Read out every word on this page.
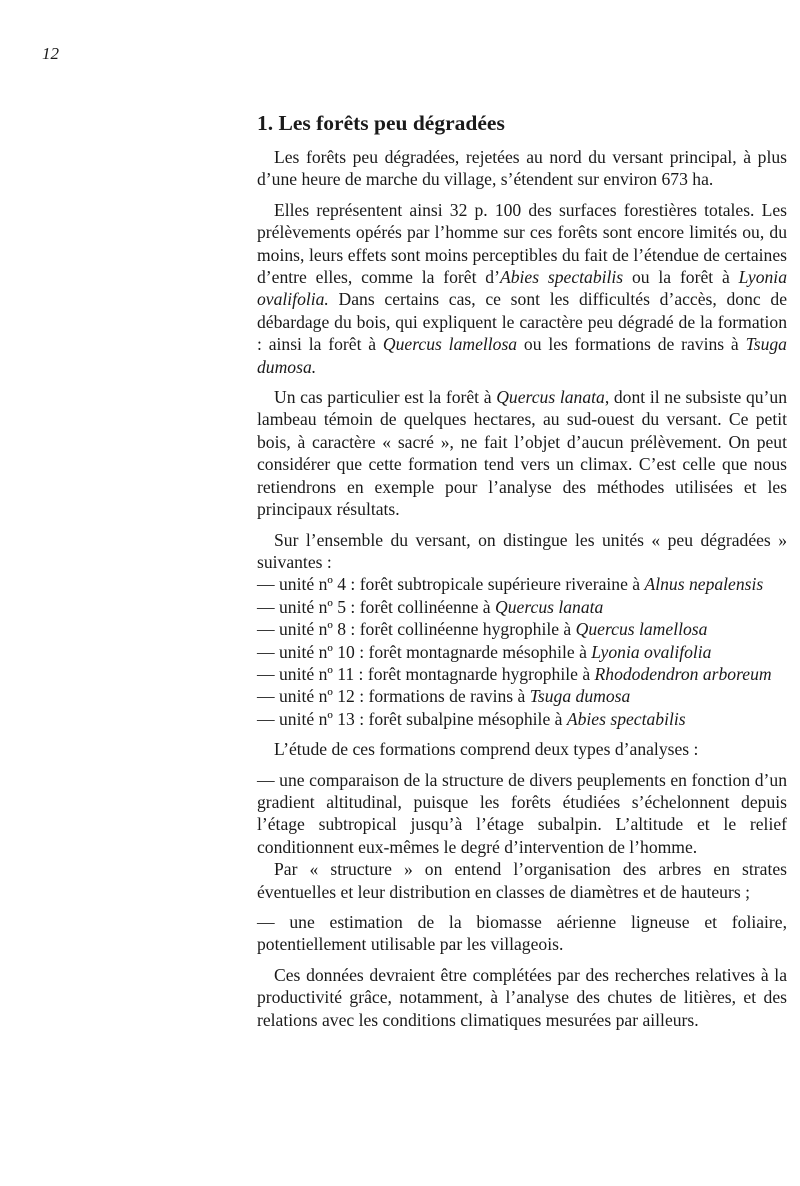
12
1. Les forêts peu dégradées
Les forêts peu dégradées, rejetées au nord du versant principal, à plus d’une heure de marche du village, s’étendent sur environ 673 ha.
Elles représentent ainsi 32 p. 100 des surfaces forestières totales. Les prélèvements opérés par l’homme sur ces forêts sont encore limités ou, du moins, leurs effets sont moins perceptibles du fait de l’étendue de certaines d’entre elles, comme la forêt d’Abies spectabilis ou la forêt à Lyonia ovalifolia. Dans certains cas, ce sont les difficultés d’accès, donc de débardage du bois, qui expliquent le caractère peu dégradé de la formation : ainsi la forêt à Quercus lamellosa ou les formations de ravins à Tsuga dumosa.
Un cas particulier est la forêt à Quercus lanata, dont il ne subsiste qu’un lambeau témoin de quelques hectares, au sud-ouest du versant. Ce petit bois, à caractère « sacré », ne fait l’objet d’aucun prélèvement. On peut considérer que cette formation tend vers un climax. C’est celle que nous retiendrons en exemple pour l’analyse des méthodes utilisées et les principaux résultats.
Sur l’ensemble du versant, on distingue les unités « peu dégradées » suivantes :
— unité nº 4 : forêt subtropicale supérieure riveraine à Alnus nepalensis
— unité nº 5 : forêt collinéenne à Quercus lanata
— unité nº 8 : forêt collinéenne hygrophile à Quercus lamellosa
— unité nº 10 : forêt montagnarde mésophile à Lyonia ovalifolia
— unité nº 11 : forêt montagnarde hygrophile à Rhododendron arboreum
— unité nº 12 : formations de ravins à Tsuga dumosa
— unité nº 13 : forêt subalpine mésophile à Abies spectabilis
L’étude de ces formations comprend deux types d’analyses :
— une comparaison de la structure de divers peuplements en fonction d’un gradient altitudinal, puisque les forêts étudiées s’échelonnent depuis l’étage subtropical jusqu’à l’étage subalpin. L’altitude et le relief conditionnent eux-mêmes le degré d’intervention de l’homme.
Par « structure » on entend l’organisation des arbres en strates éventuelles et leur distribution en classes de diamètres et de hauteurs ;
— une estimation de la biomasse aérienne ligneuse et foliaire, potentiellement utilisable par les villageois.
Ces données devraient être complétées par des recherches relatives à la productivité grâce, notamment, à l’analyse des chutes de litières, et des relations avec les conditions climatiques mesurées par ailleurs.
